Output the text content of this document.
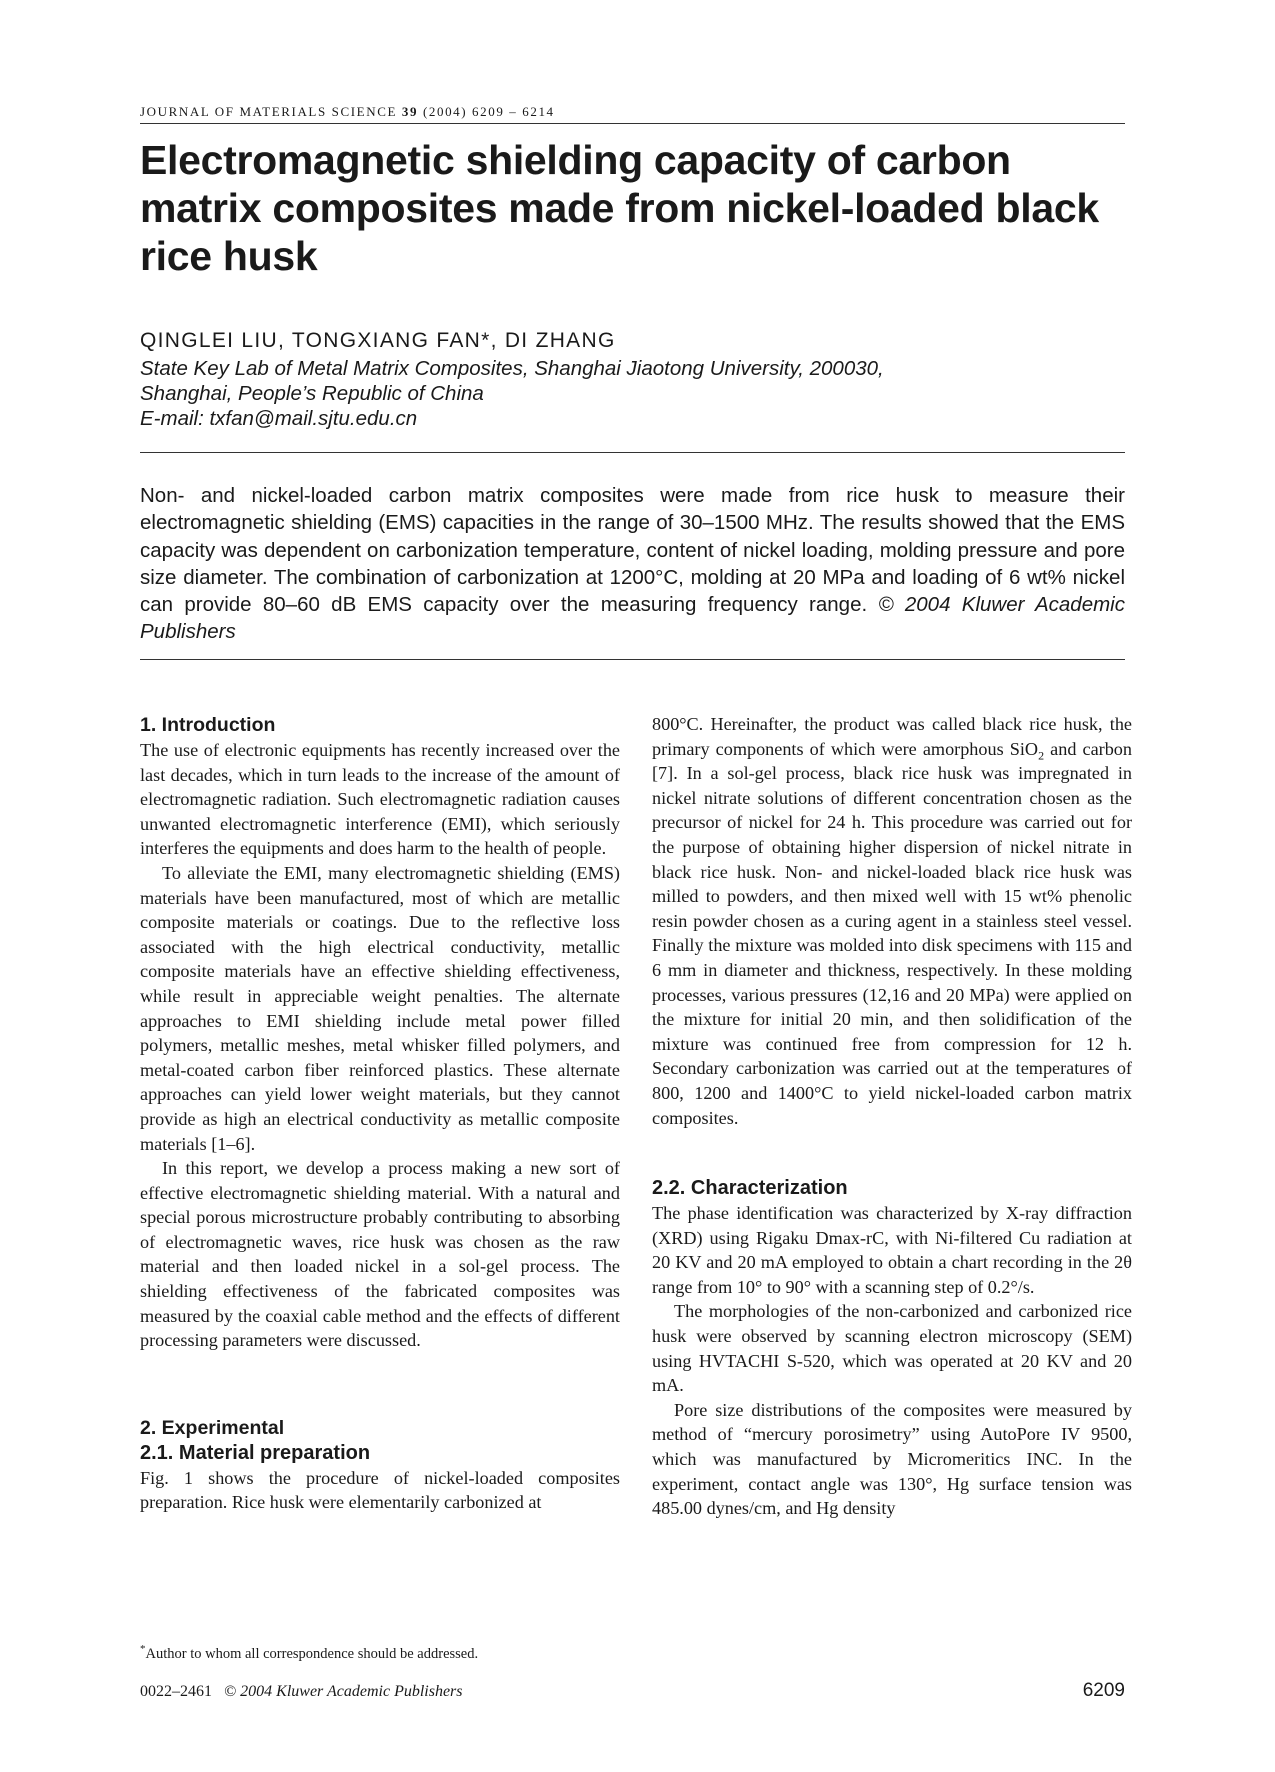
JOURNAL OF MATERIALS SCIENCE 39 (2004) 6209 – 6214
Electromagnetic shielding capacity of carbon matrix composites made from nickel-loaded black rice husk
QINGLEI LIU, TONGXIANG FAN*, DI ZHANG
State Key Lab of Metal Matrix Composites, Shanghai Jiaotong University, 200030,
Shanghai, People’s Republic of China
E-mail: txfan@mail.sjtu.edu.cn
Non- and nickel-loaded carbon matrix composites were made from rice husk to measure their electromagnetic shielding (EMS) capacities in the range of 30–1500 MHz. The results showed that the EMS capacity was dependent on carbonization temperature, content of nickel loading, molding pressure and pore size diameter. The combination of carbonization at 1200°C, molding at 20 MPa and loading of 6 wt% nickel can provide 80–60 dB EMS capacity over the measuring frequency range. © 2004 Kluwer Academic Publishers
1. Introduction

The use of electronic equipments has recently increased over the last decades, which in turn leads to the increase of the amount of electromagnetic radiation. Such electromagnetic radiation causes unwanted electromagnetic interference (EMI), which seriously interferes the equipments and does harm to the health of people.

To alleviate the EMI, many electromagnetic shielding (EMS) materials have been manufactured, most of which are metallic composite materials or coatings. Due to the reflective loss associated with the high electrical conductivity, metallic composite materials have an effective shielding effectiveness, while result in appreciable weight penalties. The alternate approaches to EMI shielding include metal power filled polymers, metallic meshes, metal whisker filled polymers, and metal-coated carbon fiber reinforced plastics. These alternate approaches can yield lower weight materials, but they cannot provide as high an electrical conductivity as metallic composite materials [1–6].

In this report, we develop a process making a new sort of effective electromagnetic shielding material. With a natural and special porous microstructure probably contributing to absorbing of electromagnetic waves, rice husk was chosen as the raw material and then loaded nickel in a sol-gel process. The shielding effectiveness of the fabricated composites was measured by the coaxial cable method and the effects of different processing parameters were discussed.

2. Experimental
2.1. Material preparation

Fig. 1 shows the procedure of nickel-loaded composites preparation. Rice husk were elementarily carbonized at

800°C. Hereinafter, the product was called black rice husk, the primary components of which were amorphous SiO$_2$ and carbon [7]. In a sol-gel process, black rice husk was impregnated in nickel nitrate solutions of different concentration chosen as the precursor of nickel for 24 h. This procedure was carried out for the purpose of obtaining higher dispersion of nickel nitrate in black rice husk. Non- and nickel-loaded black rice husk was milled to powders, and then mixed well with 15 wt% phenolic resin powder chosen as a curing agent in a stainless steel vessel. Finally the mixture was molded into disk specimens with 115 and 6 mm in diameter and thickness, respectively. In these molding processes, various pressures (12,16 and 20 MPa) were applied on the mixture for initial 20 min, and then solidification of the mixture was continued free from compression for 12 h. Secondary carbonization was carried out at the temperatures of 800, 1200 and 1400°C to yield nickel-loaded carbon matrix composites.

2.2. Characterization

The phase identification was characterized by X-ray diffraction (XRD) using Rigaku Dmax-rC, with Ni-filtered Cu radiation at 20 KV and 20 mA employed to obtain a chart recording in the 2θ range from 10° to 90° with a scanning step of 0.2°/s.

The morphologies of the non-carbonized and carbonized rice husk were observed by scanning electron microscopy (SEM) using HVTACHI S-520, which was operated at 20 KV and 20 mA.

Pore size distributions of the composites were measured by method of “mercury porosimetry” using AutoPore IV 9500, which was manufactured by Micromeritics INC. In the experiment, contact angle was 130°, Hg surface tension was 485.00 dynes/cm, and Hg density

*Author to whom all correspondence should be addressed.
0022–2461 © 2004 Kluwer Academic Publishers	6209
